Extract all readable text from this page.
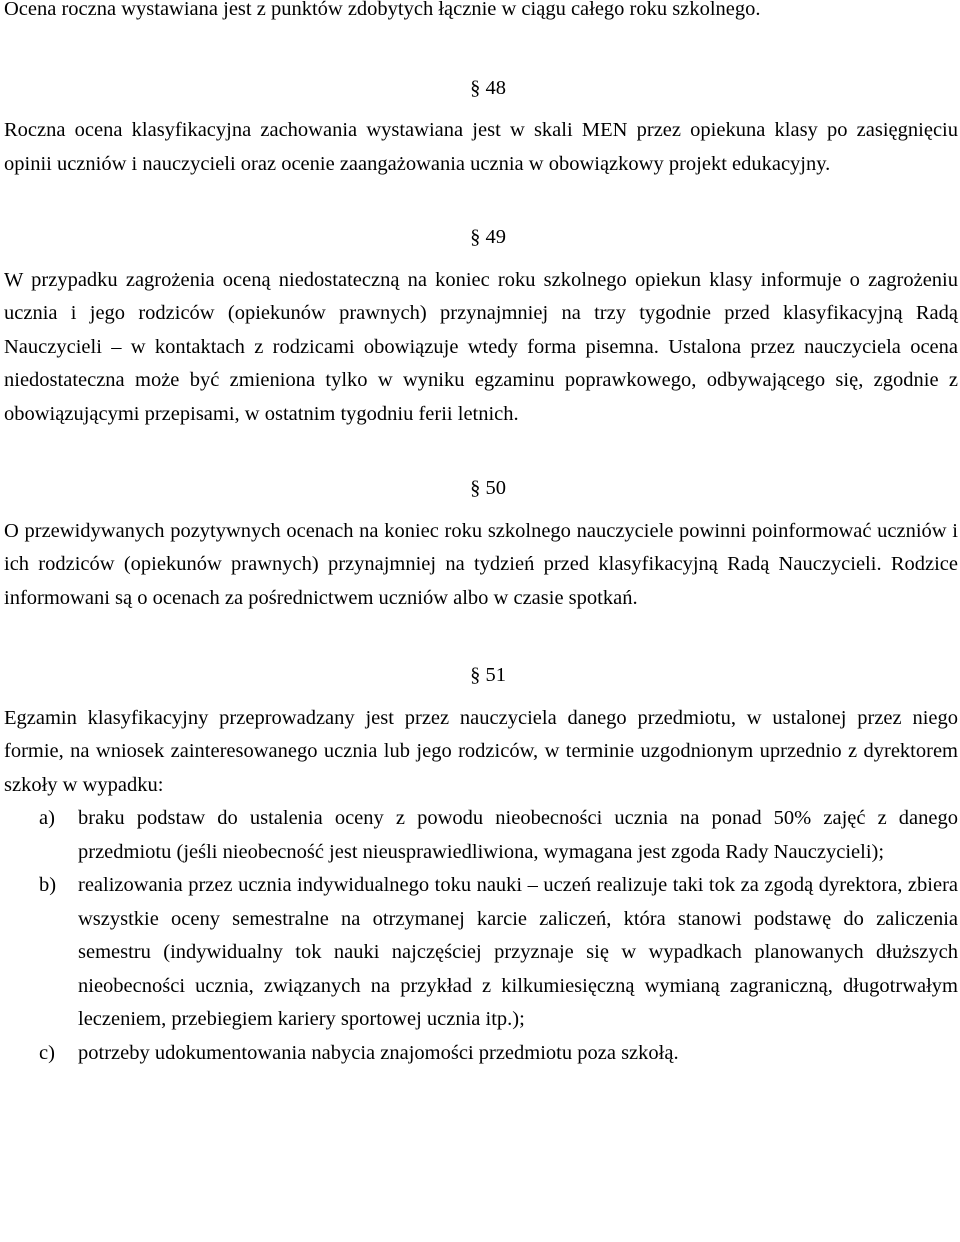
Ocena roczna wystawiana jest z punktów zdobytych łącznie w ciągu całego roku szkolnego.

§ 48

Roczna ocena klasyfikacyjna zachowania wystawiana jest w skali MEN przez opiekuna klasy po zasięgnięciu opinii uczniów i nauczycieli oraz ocenie zaangażowania ucznia w obowiązkowy projekt edukacyjny.

§ 49

W przypadku zagrożenia oceną niedostateczną na koniec roku szkolnego opiekun klasy informuje o zagrożeniu ucznia i jego rodziców (opiekunów prawnych) przynajmniej na trzy tygodnie przed klasyfikacyjną Radą Nauczycieli – w kontaktach z rodzicami obowiązuje wtedy forma pisemna. Ustalona przez nauczyciela ocena niedostateczna może być zmieniona tylko w wyniku egzaminu poprawkowego, odbywającego się, zgodnie z obowiązującymi przepisami, w ostatnim tygodniu ferii letnich.

§ 50

O przewidywanych pozytywnych ocenach na koniec roku szkolnego nauczyciele powinni poinformować uczniów i ich rodziców (opiekunów prawnych) przynajmniej na tydzień przed klasyfikacyjną Radą Nauczycieli. Rodzice informowani są o ocenach za pośrednictwem uczniów albo w czasie spotkań.

§ 51

Egzamin klasyfikacyjny przeprowadzany jest przez nauczyciela danego przedmiotu, w ustalonej przez niego formie, na wniosek zainteresowanego ucznia lub jego rodziców, w terminie uzgodnionym uprzednio z dyrektorem szkoły w wypadku:

a)	braku podstaw do ustalenia oceny z powodu nieobecności ucznia na ponad 50% zajęć z danego przedmiotu (jeśli nieobecność jest nieusprawiedliwiona, wymagana jest zgoda Rady Nauczycieli);
b)	realizowania przez ucznia indywidualnego toku nauki – uczeń realizuje taki tok za zgodą dyrektora, zbiera wszystkie oceny semestralne na otrzymanej karcie zaliczeń, która stanowi podstawę do zaliczenia semestru (indywidualny tok nauki najczęściej przyznaje się w wypadkach planowanych dłuższych nieobecności ucznia, związanych na przykład z kilkumiesięczną wymianą zagraniczną, długotrwałym leczeniem, przebiegiem kariery sportowej ucznia itp.);
c)	potrzeby udokumentowania nabycia znajomości przedmiotu poza szkołą.
